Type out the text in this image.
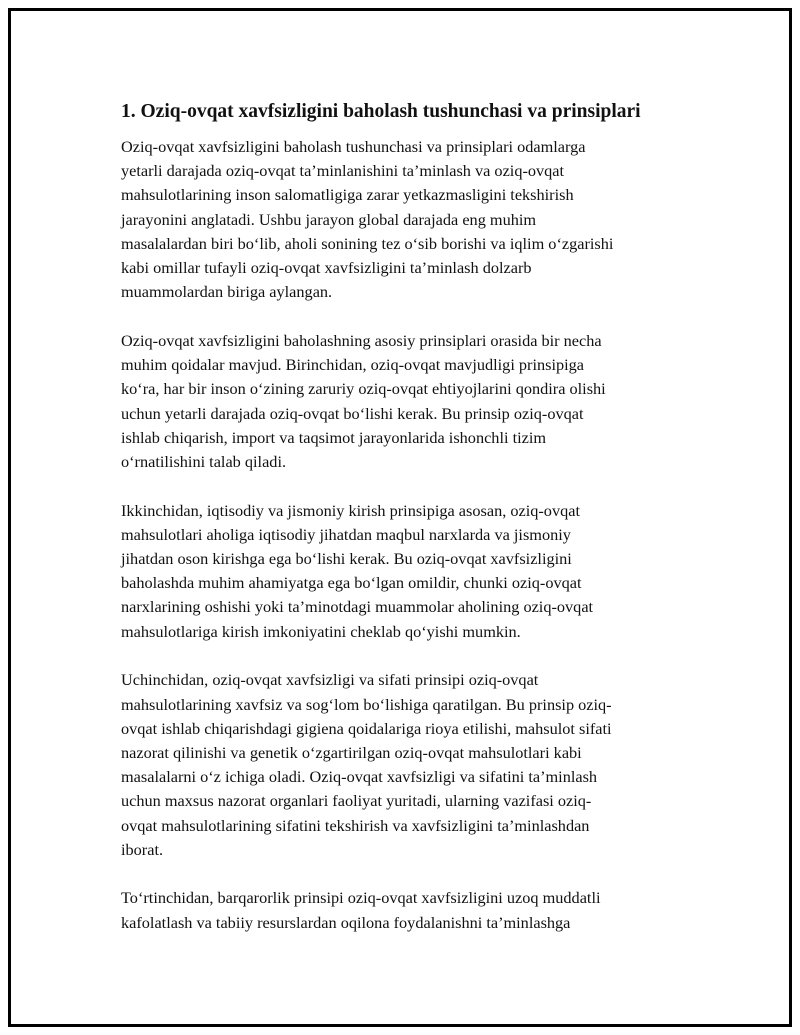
1. Oziq-ovqat xavfsizligini baholash tushunchasi va prinsiplari

Oziq-ovqat xavfsizligini baholash tushunchasi va prinsiplari odamlarga
yetarli darajada oziq-ovqat ta’minlanishini ta’minlash va oziq-ovqat
mahsulotlarining inson salomatligiga zarar yetkazmasligini tekshirish
jarayonini anglatadi. Ushbu jarayon global darajada eng muhim
masalalardan biri bo‘lib, aholi sonining tez o‘sib borishi va iqlim o‘zgarishi
kabi omillar tufayli oziq-ovqat xavfsizligini ta’minlash dolzarb
muammolardan biriga aylangan.

Oziq-ovqat xavfsizligini baholashning asosiy prinsiplari orasida bir necha
muhim qoidalar mavjud. Birinchidan, oziq-ovqat mavjudligi prinsipiga
ko‘ra, har bir inson o‘zining zaruriy oziq-ovqat ehtiyojlarini qondira olishi
uchun yetarli darajada oziq-ovqat bo‘lishi kerak. Bu prinsip oziq-ovqat
ishlab chiqarish, import va taqsimot jarayonlarida ishonchli tizim
o‘rnatilishini talab qiladi.

Ikkinchidan, iqtisodiy va jismoniy kirish prinsipiga asosan, oziq-ovqat
mahsulotlari aholiga iqtisodiy jihatdan maqbul narxlarda va jismoniy
jihatdan oson kirishga ega bo‘lishi kerak. Bu oziq-ovqat xavfsizligini
baholashda muhim ahamiyatga ega bo‘lgan omildir, chunki oziq-ovqat
narxlarining oshishi yoki ta’minotdagi muammolar aholining oziq-ovqat
mahsulotlariga kirish imkoniyatini cheklab qo‘yishi mumkin.

Uchinchidan, oziq-ovqat xavfsizligi va sifati prinsipi oziq-ovqat
mahsulotlarining xavfsiz va sog‘lom bo‘lishiga qaratilgan. Bu prinsip oziq-
ovqat ishlab chiqarishdagi gigiena qoidalariga rioya etilishi, mahsulot sifati
nazorat qilinishi va genetik o‘zgartirilgan oziq-ovqat mahsulotlari kabi
masalalarni o‘z ichiga oladi. Oziq-ovqat xavfsizligi va sifatini ta’minlash
uchun maxsus nazorat organlari faoliyat yuritadi, ularning vazifasi oziq-
ovqat mahsulotlarining sifatini tekshirish va xavfsizligini ta’minlashdan
iborat.

To‘rtinchidan, barqarorlik prinsipi oziq-ovqat xavfsizligini uzoq muddatli
kafolatlash va tabiiy resurslardan oqilona foydalanishni ta’minlashga
